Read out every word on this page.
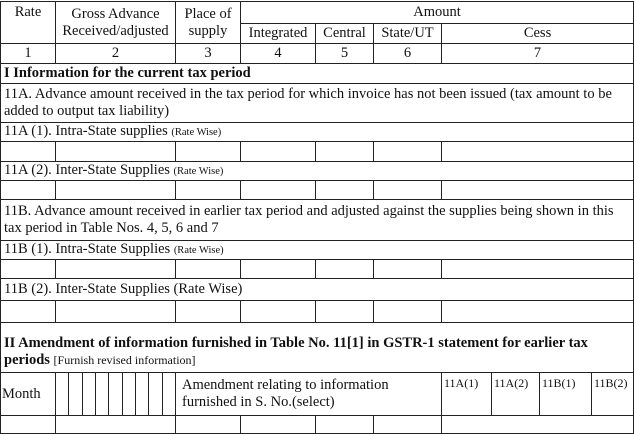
Rate	Gross Advance Received/adjusted	Place of supply	Amount			
			Integrated	Central	State/UT	Cess
1	2	3	4	5	6	7
I Information for the current tax period						
11A. Advance amount received in the tax period for which invoice has not been issued (tax amount to be added to output tax liability)						
11A (1). Intra-State supplies (Rate Wise)						

11A (2). Inter-State Supplies (Rate Wise)						

11B. Advance amount received in earlier tax period and adjusted against the supplies being shown in this tax period in Table Nos. 4, 5, 6 and 7						
11B (1). Intra-State Supplies (Rate Wise)						

11B (2). Inter-State Supplies (Rate Wise)						

II Amendment of information furnished in Table No. 11[1] in GSTR-1 statement for earlier tax periods [Furnish revised information]						
Month		Amendment relating to information furnished in S. No.(select)				11A(1) 11A(2) 11B(1) 11B(2)
